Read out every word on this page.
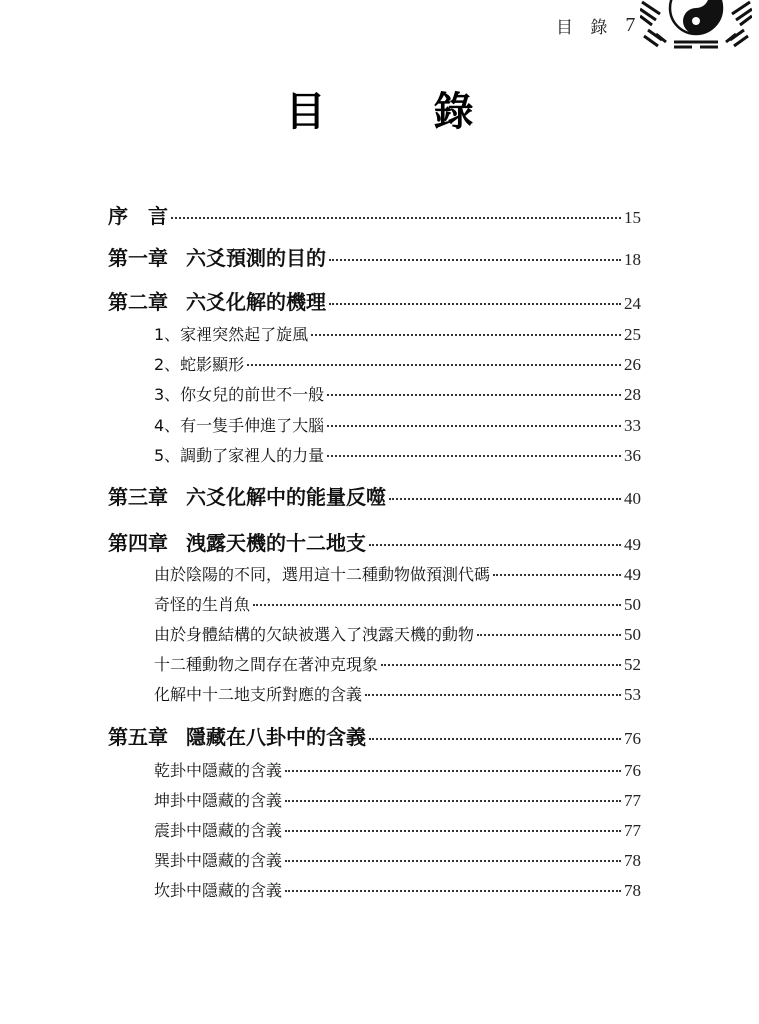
目 錄 7
目　錄
序　言	15
第一章 六爻預測的目的	18
第二章 六爻化解的機理	24
1、家裡突然起了旋風	25
2、蛇影顯形	26
3、你女兒的前世不一般	28
4、有一隻手伸進了大腦	33
5、調動了家裡人的力量	36
第三章 六爻化解中的能量反噬	40
第四章 洩露天機的十二地支	49
由於陰陽的不同，選用這十二種動物做預測代碼	49
奇怪的生肖魚	50
由於身體結構的欠缺被選入了洩露天機的動物	50
十二種動物之間存在著沖克現象	52
化解中十二地支所對應的含義	53
第五章 隱藏在八卦中的含義	76
乾卦中隱藏的含義	76
坤卦中隱藏的含義	77
震卦中隱藏的含義	77
巽卦中隱藏的含義	78
坎卦中隱藏的含義	78
